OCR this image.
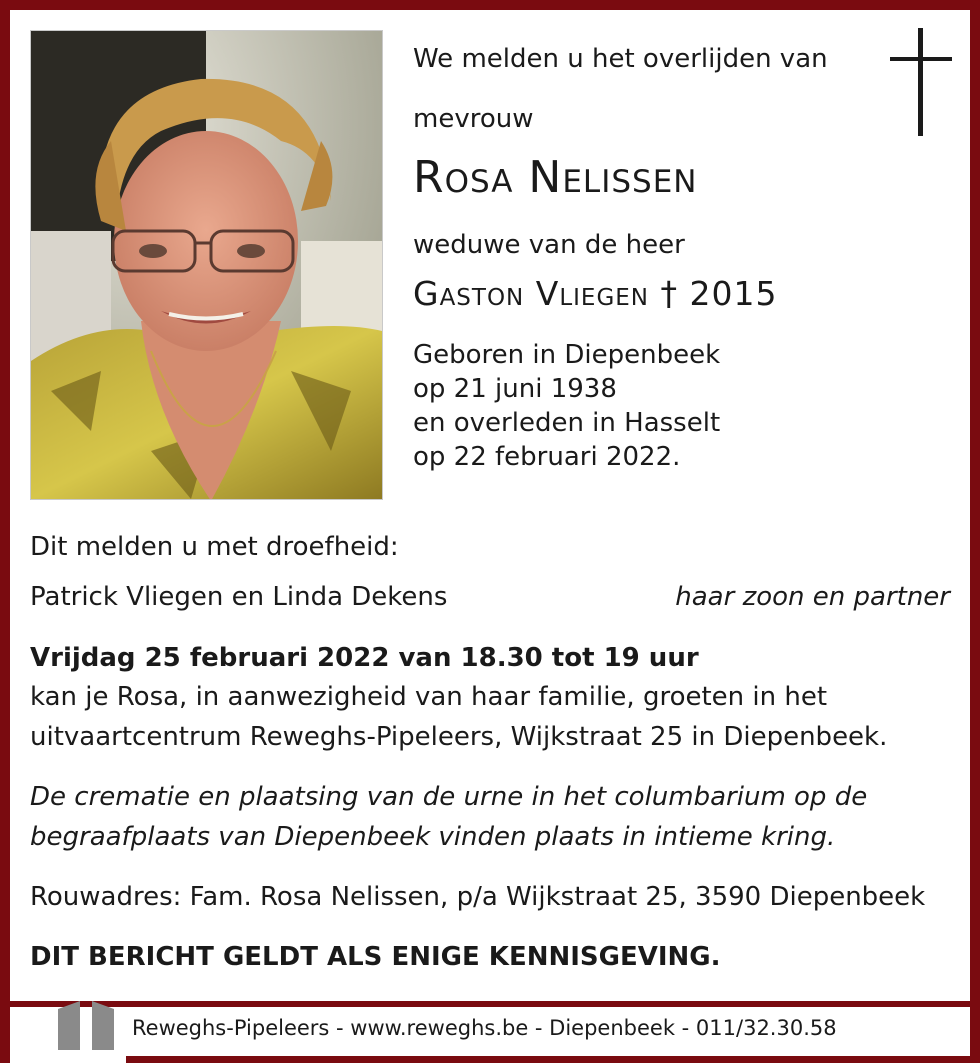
We melden u het overlijden van
mevrouw
Rosa Nelissen
weduwe van de heer
Gaston Vliegen † 2015
Geboren in Diepenbeek
op 21 juni 1938
en overleden in Hasselt
op 22 februari 2022.
Dit melden u met droefheid:
Patrick Vliegen en Linda Dekens	haar zoon en partner
Vrijdag 25 februari 2022 van 18.30 tot 19 uur
kan je Rosa, in aanwezigheid van haar familie, groeten in het
uitvaartcentrum Reweghs-Pipeleers, Wijkstraat 25 in Diepenbeek.
De crematie en plaatsing van de urne in het columbarium op de
begraafplaats van Diepenbeek vinden plaats in intieme kring.
Rouwadres: Fam. Rosa Nelissen, p/a Wijkstraat 25, 3590 Diepenbeek
DIT BERICHT GELDT ALS ENIGE KENNISGEVING.
Reweghs-Pipeleers - www.reweghs.be - Diepenbeek - 011/32.30.58
